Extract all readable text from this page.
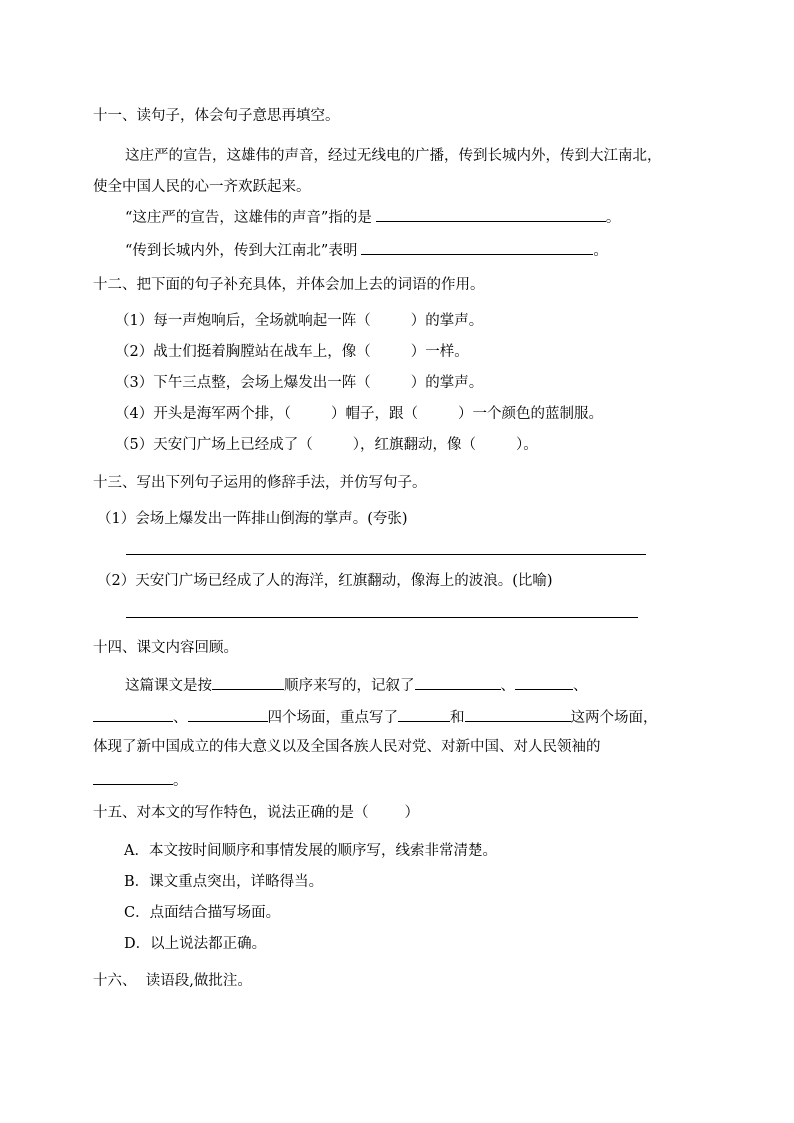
十一、读句子，体会句子意思再填空。
这庄严的宣告，这雄伟的声音，经过无线电的广播，传到长城内外，传到大江南北，
使全中国人民的心一齐欢跃起来。
“这庄严的宣告，这雄伟的声音”指的是	。
“传到长城内外，传到大江南北”表明	。
十二、把下面的句子补充具体，并体会加上去的词语的作用。
（1）每一声炮响后，全场就响起一阵（	）的掌声。
（2）战士们挺着胸膛站在战车上，像（	）一样。
（3）下午三点整，会场上爆发出一阵（	）的掌声。
（4）开头是海军两个排，（	）帽子，跟（	）一个颜色的蓝制服。
（5）天安门广场上已经成了（	），红旗翻动，像（	）。
十三、写出下列句子运用的修辞手法，并仿写句子。
（1）会场上爆发出一阵排山倒海的掌声。(夸张)
（2）天安门广场已经成了人的海洋，红旗翻动，像海上的波浪。(比喻)
十四、课文内容回顾。
这篇课文是按	顺序来写的，记叙了	、	、
、	四个场面，重点写了	和	这两个场面，
体现了新中国成立的伟大意义以及全国各族人民对党、对新中国、对人民领袖的
。
十五、对本文的写作特色，说法正确的是（ ）
A．本文按时间顺序和事情发展的顺序写，线索非常清楚。
B．课文重点突出，详略得当。
C．点面结合描写场面。
D．以上说法都正确。
十六、  读语段,做批注。
